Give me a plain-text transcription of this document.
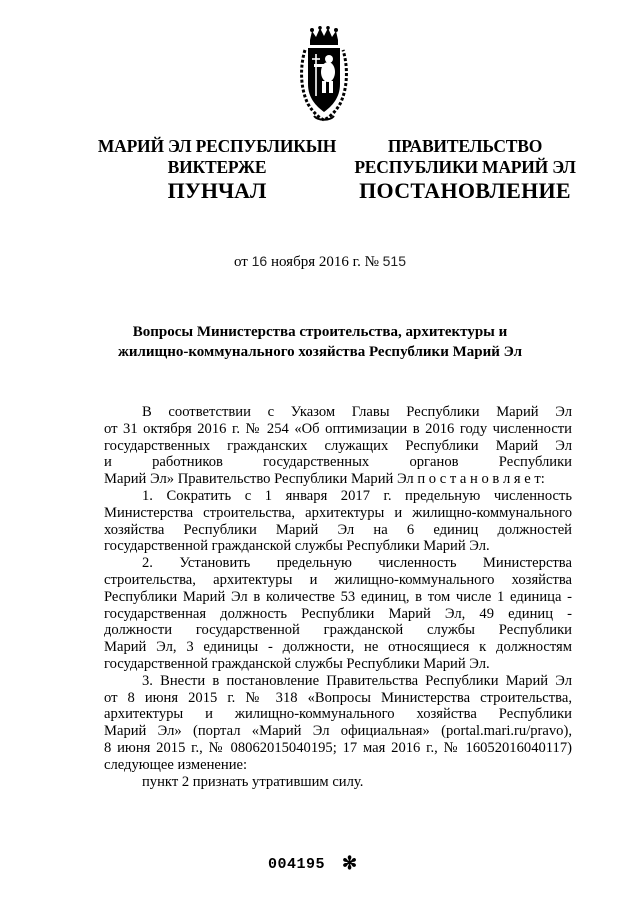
МАРИЙ ЭЛ РЕСПУБЛИКЫН
ВИКТЕРЖЕ
ПРАВИТЕЛЬСТВО
РЕСПУБЛИКИ МАРИЙ ЭЛ
ПУНЧАЛ	ПОСТАНОВЛЕНИЕ
от 16 ноября 2016 г. № 515
Вопросы Министерства строительства, архитектуры и
жилищно-коммунального хозяйства Республики Марий Эл
В соответствии с Указом Главы Республики Марий Эл
от 31 октября 2016 г. № 254 «Об оптимизации в 2016 году численности
государственных гражданских служащих Республики Марий Эл
и работников государственных органов Республики
Марий Эл» Правительство Республики Марий Эл п о с т а н о в л я е т:
1. Сократить с 1 января 2017 г. предельную численность
Министерства строительства, архитектуры и жилищно-коммунального
хозяйства Республики Марий Эл на 6 единиц должностей
государственной гражданской службы Республики Марий Эл.
2. Установить предельную численность Министерства
строительства, архитектуры и жилищно-коммунального хозяйства
Республики Марий Эл в количестве 53 единиц, в том числе 1 единица -
государственная должность Республики Марий Эл, 49 единиц -
должности государственной гражданской службы Республики
Марий Эл, 3 единицы - должности, не относящиеся к должностям
государственной гражданской службы Республики Марий Эл.
3. Внести в постановление Правительства Республики Марий Эл
от 8 июня 2015 г. № 318 «Вопросы Министерства строительства,
архитектуры и жилищно-коммунального хозяйства Республики
Марий Эл» (портал «Марий Эл официальная» (portal.mari.ru/pravo),
8 июня 2015 г., № 08062015040195; 17 мая 2016 г., № 16052016040117)
следующее изменение:
пункт 2 признать утратившим силу.
004195 ✻
